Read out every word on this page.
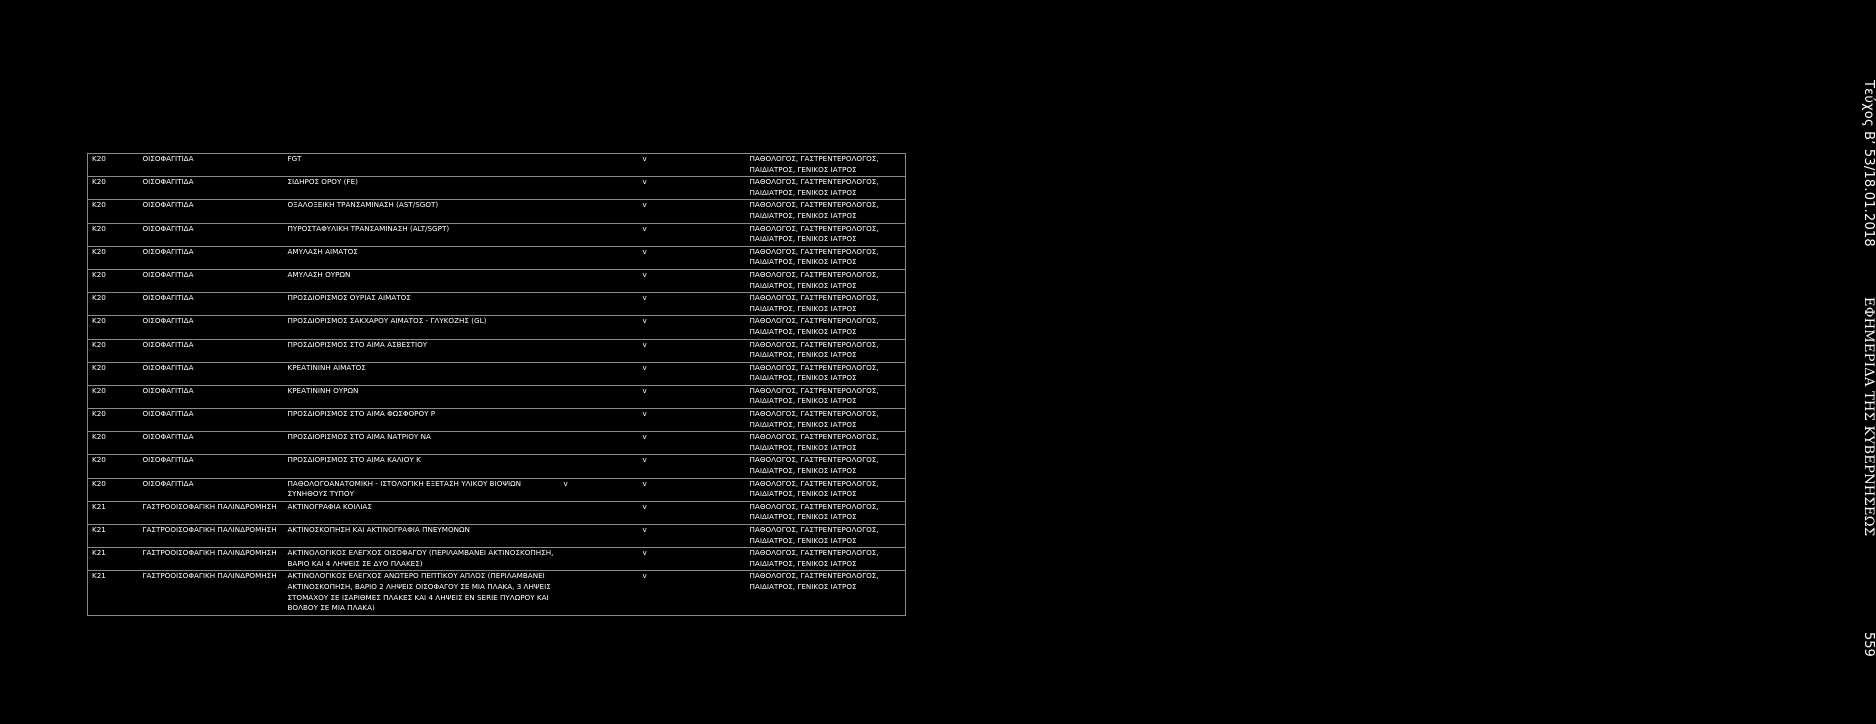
K20	ΟΙΣΟΦΑΓΙΤΙΔΑ	FGT		v	ΠΑΘΟΛΟΓΟΣ, ΓΑΣΤΡΕΝΤΕΡΟΛΟΓΟΣ, ΠΑΙΔΙΑΤΡΟΣ, ΓΕΝΙΚΟΣ ΙΑΤΡΟΣ
K20	ΟΙΣΟΦΑΓΙΤΙΔΑ	ΣΙΔΗΡΟΣ ΟΡΟΥ (FE)		v	ΠΑΘΟΛΟΓΟΣ, ΓΑΣΤΡΕΝΤΕΡΟΛΟΓΟΣ, ΠΑΙΔΙΑΤΡΟΣ, ΓΕΝΙΚΟΣ ΙΑΤΡΟΣ
K20	ΟΙΣΟΦΑΓΙΤΙΔΑ	ΟΞΑΛΟΞΕΙΚΗ ΤΡΑΝΣΑΜΙΝΑΣΗ (AST/SGOT)		v	ΠΑΘΟΛΟΓΟΣ, ΓΑΣΤΡΕΝΤΕΡΟΛΟΓΟΣ, ΠΑΙΔΙΑΤΡΟΣ, ΓΕΝΙΚΟΣ ΙΑΤΡΟΣ
K20	ΟΙΣΟΦΑΓΙΤΙΔΑ	ΠΥΡΟΣΤΑΦΥΛΙΚΗ ΤΡΑΝΣΑΜΙΝΑΣΗ (ALT/SGPT)		v	ΠΑΘΟΛΟΓΟΣ, ΓΑΣΤΡΕΝΤΕΡΟΛΟΓΟΣ, ΠΑΙΔΙΑΤΡΟΣ, ΓΕΝΙΚΟΣ ΙΑΤΡΟΣ
K20	ΟΙΣΟΦΑΓΙΤΙΔΑ	ΑΜΥΛΑΣΗ ΑΙΜΑΤΟΣ		v	ΠΑΘΟΛΟΓΟΣ, ΓΑΣΤΡΕΝΤΕΡΟΛΟΓΟΣ, ΠΑΙΔΙΑΤΡΟΣ, ΓΕΝΙΚΟΣ ΙΑΤΡΟΣ
K20	ΟΙΣΟΦΑΓΙΤΙΔΑ	ΑΜΥΛΑΣΗ ΟΥΡΩΝ		v	ΠΑΘΟΛΟΓΟΣ, ΓΑΣΤΡΕΝΤΕΡΟΛΟΓΟΣ, ΠΑΙΔΙΑΤΡΟΣ, ΓΕΝΙΚΟΣ ΙΑΤΡΟΣ
K20	ΟΙΣΟΦΑΓΙΤΙΔΑ	ΠΡΟΣΔΙΟΡΙΣΜΟΣ ΟΥΡΙΑΣ ΑΙΜΑΤΟΣ		v	ΠΑΘΟΛΟΓΟΣ, ΓΑΣΤΡΕΝΤΕΡΟΛΟΓΟΣ, ΠΑΙΔΙΑΤΡΟΣ, ΓΕΝΙΚΟΣ ΙΑΤΡΟΣ
K20	ΟΙΣΟΦΑΓΙΤΙΔΑ	ΠΡΟΣΔΙΟΡΙΣΜΟΣ ΣΑΚΧΑΡΟΥ ΑΙΜΑΤΟΣ - ΓΛΥΚΟΖΗΣ (GL)		v	ΠΑΘΟΛΟΓΟΣ, ΓΑΣΤΡΕΝΤΕΡΟΛΟΓΟΣ, ΠΑΙΔΙΑΤΡΟΣ, ΓΕΝΙΚΟΣ ΙΑΤΡΟΣ
K20	ΟΙΣΟΦΑΓΙΤΙΔΑ	ΠΡΟΣΔΙΟΡΙΣΜΟΣ ΣΤΟ ΑΙΜΑ ΑΣΒΕΣΤΙΟΥ		v	ΠΑΘΟΛΟΓΟΣ, ΓΑΣΤΡΕΝΤΕΡΟΛΟΓΟΣ, ΠΑΙΔΙΑΤΡΟΣ, ΓΕΝΙΚΟΣ ΙΑΤΡΟΣ
K20	ΟΙΣΟΦΑΓΙΤΙΔΑ	ΚΡΕΑΤΙΝΙΝΗ ΑΙΜΑΤΟΣ		v	ΠΑΘΟΛΟΓΟΣ, ΓΑΣΤΡΕΝΤΕΡΟΛΟΓΟΣ, ΠΑΙΔΙΑΤΡΟΣ, ΓΕΝΙΚΟΣ ΙΑΤΡΟΣ
K20	ΟΙΣΟΦΑΓΙΤΙΔΑ	ΚΡΕΑΤΙΝΙΝΗ ΟΥΡΩΝ		v	ΠΑΘΟΛΟΓΟΣ, ΓΑΣΤΡΕΝΤΕΡΟΛΟΓΟΣ, ΠΑΙΔΙΑΤΡΟΣ, ΓΕΝΙΚΟΣ ΙΑΤΡΟΣ
K20	ΟΙΣΟΦΑΓΙΤΙΔΑ	ΠΡΟΣΔΙΟΡΙΣΜΟΣ ΣΤΟ ΑΙΜΑ ΦΩΣΦΟΡΟΥ P		v	ΠΑΘΟΛΟΓΟΣ, ΓΑΣΤΡΕΝΤΕΡΟΛΟΓΟΣ, ΠΑΙΔΙΑΤΡΟΣ, ΓΕΝΙΚΟΣ ΙΑΤΡΟΣ
K20	ΟΙΣΟΦΑΓΙΤΙΔΑ	ΠΡΟΣΔΙΟΡΙΣΜΟΣ ΣΤΟ ΑΙΜΑ ΝΑΤΡΙΟΥ ΝΑ		v	ΠΑΘΟΛΟΓΟΣ, ΓΑΣΤΡΕΝΤΕΡΟΛΟΓΟΣ, ΠΑΙΔΙΑΤΡΟΣ, ΓΕΝΙΚΟΣ ΙΑΤΡΟΣ
K20	ΟΙΣΟΦΑΓΙΤΙΔΑ	ΠΡΟΣΔΙΟΡΙΣΜΟΣ ΣΤΟ ΑΙΜΑ ΚΑΛΙΟΥ Κ		v	ΠΑΘΟΛΟΓΟΣ, ΓΑΣΤΡΕΝΤΕΡΟΛΟΓΟΣ, ΠΑΙΔΙΑΤΡΟΣ, ΓΕΝΙΚΟΣ ΙΑΤΡΟΣ
K20	ΟΙΣΟΦΑΓΙΤΙΔΑ	ΠΑΘΟΛΟΓΟΑΝΑΤΟΜΙΚΗ - ΙΣΤΟΛΟΓΙΚΗ ΕΞΕΤΑΣΗ ΥΛΙΚΟΥ ΒΙΟΨΙΩΝ ΣΥΝΗΘΟΥΣ ΤΥΠΟΥ	v	v	ΠΑΘΟΛΟΓΟΣ, ΓΑΣΤΡΕΝΤΕΡΟΛΟΓΟΣ, ΠΑΙΔΙΑΤΡΟΣ, ΓΕΝΙΚΟΣ ΙΑΤΡΟΣ
K21	ΓΑΣΤΡΟΟΙΣΟΦΑΓΙΚΗ ΠΑΛΙΝΔΡΟΜΗΣΗ	ΑΚΤΙΝΟΓΡΑΦΙΑ ΚΟΙΛΙΑΣ		v	ΠΑΘΟΛΟΓΟΣ, ΓΑΣΤΡΕΝΤΕΡΟΛΟΓΟΣ, ΠΑΙΔΙΑΤΡΟΣ, ΓΕΝΙΚΟΣ ΙΑΤΡΟΣ
K21	ΓΑΣΤΡΟΟΙΣΟΦΑΓΙΚΗ ΠΑΛΙΝΔΡΟΜΗΣΗ	ΑΚΤΙΝΟΣΚΟΠΗΣΗ ΚΑΙ ΑΚΤΙΝΟΓΡΑΦΙΑ ΠΝΕΥΜΟΝΩΝ		v	ΠΑΘΟΛΟΓΟΣ, ΓΑΣΤΡΕΝΤΕΡΟΛΟΓΟΣ, ΠΑΙΔΙΑΤΡΟΣ, ΓΕΝΙΚΟΣ ΙΑΤΡΟΣ
K21	ΓΑΣΤΡΟΟΙΣΟΦΑΓΙΚΗ ΠΑΛΙΝΔΡΟΜΗΣΗ	ΑΚΤΙΝΟΛΟΓΙΚΟΣ ΕΛΕΓΧΟΣ ΟΙΣΟΦΑΓΟΥ (ΠΕΡΙΛΑΜΒΑΝΕΙ ΑΚΤΙΝΟΣΚΟΠΗΣΗ, ΒΑΡΙΟ ΚΑΙ 4 ΛΗΨΕΙΣ ΣΕ ΔΥΟ ΠΛΑΚΕΣ)		v	ΠΑΘΟΛΟΓΟΣ, ΓΑΣΤΡΕΝΤΕΡΟΛΟΓΟΣ, ΠΑΙΔΙΑΤΡΟΣ, ΓΕΝΙΚΟΣ ΙΑΤΡΟΣ
K21	ΓΑΣΤΡΟΟΙΣΟΦΑΓΙΚΗ ΠΑΛΙΝΔΡΟΜΗΣΗ	ΑΚΤΙΝΟΛΟΓΙΚΟΣ ΕΛΕΓΧΟΣ ΑΝΩΤΕΡΟ ΠΕΠΤΙΚΟΥ ΑΠΛΟΣ (ΠΕΡΙΛΑΜΒΑΝΕΙ ΑΚΤΙΝΟΣΚΟΠΗΣΗ, ΒΑΡΙΟ 2 ΛΗΨΕΙΣ ΟΙΣΟΦΑΓΟΥ ΣΕ ΜΙΑ ΠΛΑΚΑ, 3 ΛΗΨΕΙΣ ΣΤΟΜΑΧΟΥ ΣΕ ΙΣΑΡΙΘΜΕΣ ΠΛΑΚΕΣ ΚΑΙ 4 ΛΗΨΕΙΣ ΕΝ SERIE ΠΥΛΩΡΟΥ ΚΑΙ ΒΟΛΒΟΥ ΣΕ ΜΙΑ ΠΛΑΚΑ)		v	ΠΑΘΟΛΟΓΟΣ, ΓΑΣΤΡΕΝΤΕΡΟΛΟΓΟΣ, ΠΑΙΔΙΑΤΡΟΣ, ΓΕΝΙΚΟΣ ΙΑΤΡΟΣ
Τεύχος Β’ 53/18.01.2018
ΕΦΗΜΕΡΙΔΑ ΤΗΣ ΚΥΒΕΡΝΗΣΕΩΣ
559
